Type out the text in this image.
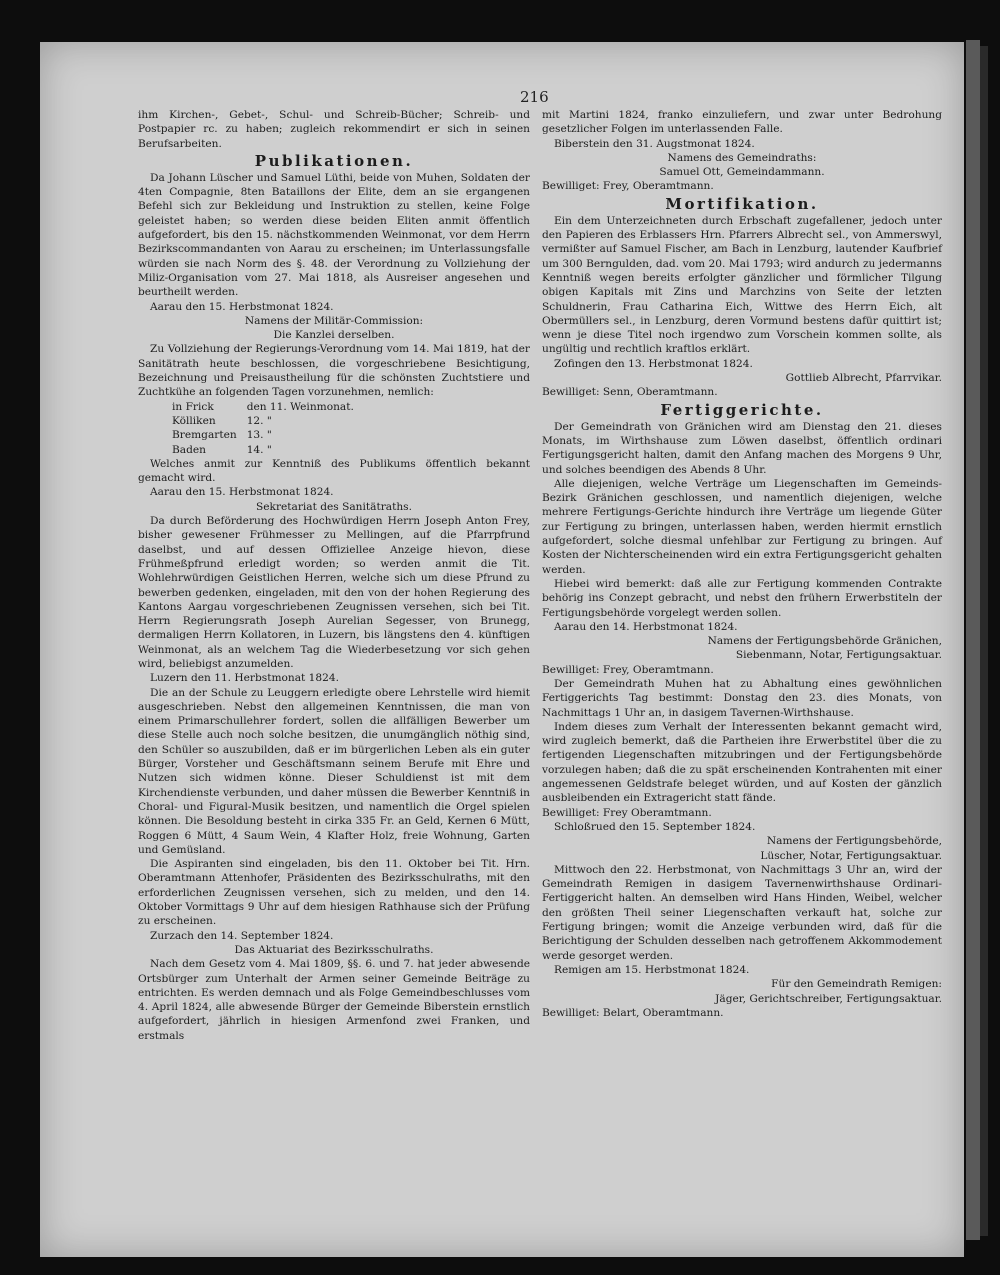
216

ihm Kirchen-, Gebet-, Schul- und Schreib-Bücher; Schreib- und Postpapier rc. zu haben; zugleich rekommendirt er sich in seinen Berufsarbeiten.

Publikationen.

Da Johann Lüscher und Samuel Lüthi, beide von Muhen, Soldaten der 4ten Compagnie, 8ten Bataillons der Elite, dem an sie ergangenen Befehl sich zur Bekleidung und Instruktion zu stellen, keine Folge geleistet haben; so werden diese beiden Eliten anmit öffentlich aufgefordert, bis den 15. nächstkommenden Weinmonat, vor dem Herrn Bezirkscommandanten von Aarau zu erscheinen; im Unterlassungsfalle würden sie nach Norm des §. 48. der Verordnung zu Vollziehung der Miliz-Organisation vom 27. Mai 1818, als Ausreiser angesehen und beurtheilt werden.

Aarau den 15. Herbstmonat 1824.

Namens der Militär-Commission:

Die Kanzlei derselben.

Zu Vollziehung der Regierungs-Verordnung vom 14. Mai 1819, hat der Sanitätrath heute beschlossen, die vorgeschriebene Besichtigung, Bezeichnung und Preisaustheilung für die schönsten Zuchtstiere und Zuchtkühe an folgenden Tagen vorzunehmen, nemlich:

in Frick	den 11. Weinmonat.
Kölliken	12. "
Bremgarten	13. "
Baden	14. "

Welches anmit zur Kenntniß des Publikums öffentlich bekannt gemacht wird.

Aarau den 15. Herbstmonat 1824.

Sekretariat des Sanitätraths.

Da durch Beförderung des Hochwürdigen Herrn Joseph Anton Frey, bisher gewesener Frühmesser zu Mellingen, auf die Pfarrpfrund daselbst, und auf dessen Offiziellee Anzeige hievon, diese Frühmeßpfrund erledigt worden; so werden anmit die Tit. Wohlehrwürdigen Geistlichen Herren, welche sich um diese Pfrund zu bewerben gedenken, eingeladen, mit den von der hohen Regierung des Kantons Aargau vorgeschriebenen Zeugnissen versehen, sich bei Tit. Herrn Regierungsrath Joseph Aurelian Segesser, von Brunegg, dermaligen Herrn Kollatoren, in Luzern, bis längstens den 4. künftigen Weinmonat, als an welchem Tag die Wiederbesetzung vor sich gehen wird, beliebigst anzumelden.

Luzern den 11. Herbstmonat 1824.

Die an der Schule zu Leuggern erledigte obere Lehrstelle wird hiemit ausgeschrieben. Nebst den allgemeinen Kenntnissen, die man von einem Primarschullehrer fordert, sollen die allfälligen Bewerber um diese Stelle auch noch solche besitzen, die unumgänglich nöthig sind, den Schüler so auszubilden, daß er im bürgerlichen Leben als ein guter Bürger, Vorsteher und Geschäftsmann seinem Berufe mit Ehre und Nutzen sich widmen könne. Dieser Schuldienst ist mit dem Kirchendienste verbunden, und daher müssen die Bewerber Kenntniß in Choral- und Figural-Musik besitzen, und namentlich die Orgel spielen können. Die Besoldung besteht in cirka 335 Fr. an Geld, Kernen 6 Mütt, Roggen 6 Mütt, 4 Saum Wein, 4 Klafter Holz, freie Wohnung, Garten und Gemüsland.

Die Aspiranten sind eingeladen, bis den 11. Oktober bei Tit. Hrn. Oberamtmann Attenhofer, Präsidenten des Bezirksschulraths, mit den erforderlichen Zeugnissen versehen, sich zu melden, und den 14. Oktober Vormittags 9 Uhr auf dem hiesigen Rathhause sich der Prüfung zu erscheinen.

Zurzach den 14. September 1824.

Das Aktuariat des Bezirksschulraths.

Nach dem Gesetz vom 4. Mai 1809, §§. 6. und 7. hat jeder abwesende Ortsbürger zum Unterhalt der Armen seiner Gemeinde Beiträge zu entrichten. Es werden demnach und als Folge Gemeindbeschlusses vom 4. April 1824, alle abwesende Bürger der Gemeinde Biberstein ernstlich aufgefordert, jährlich in hiesigen Armenfond zwei Franken, und erstmals

mit Martini 1824, franko einzuliefern, und zwar unter Bedrohung gesetzlicher Folgen im unterlassenden Falle.

Biberstein den 31. Augstmonat 1824.

Namens des Gemeindraths:

Samuel Ott, Gemeindammann.

Bewilliget: Frey, Oberamtmann.

Mortifikation.

Ein dem Unterzeichneten durch Erbschaft zugefallener, jedoch unter den Papieren des Erblassers Hrn. Pfarrers Albrecht sel., von Ammerswyl, vermißter auf Samuel Fischer, am Bach in Lenzburg, lautender Kaufbrief um 300 Berngulden, dad. vom 20. Mai 1793; wird andurch zu jedermanns Kenntniß wegen bereits erfolgter gänzlicher und förmlicher Tilgung obigen Kapitals mit Zins und Marchzins von Seite der letzten Schuldnerin, Frau Catharina Eich, Wittwe des Herrn Eich, alt Obermüllers sel., in Lenzburg, deren Vormund bestens dafür quittirt ist; wenn je diese Titel noch irgendwo zum Vorschein kommen sollte, als ungültig und rechtlich kraftlos erklärt.

Zofingen den 13. Herbstmonat 1824.

Gottlieb Albrecht, Pfarrvikar.

Bewilliget: Senn, Oberamtmann.

Fertiggerichte.

Der Gemeindrath von Gränichen wird am Dienstag den 21. dieses Monats, im Wirthshause zum Löwen daselbst, öffentlich ordinari Fertigungsgericht halten, damit den Anfang machen des Morgens 9 Uhr, und solches beendigen des Abends 8 Uhr.

Alle diejenigen, welche Verträge um Liegenschaften im Gemeinds-Bezirk Gränichen geschlossen, und namentlich diejenigen, welche mehrere Fertigungs-Gerichte hindurch ihre Verträge um liegende Güter zur Fertigung zu bringen, unterlassen haben, werden hiermit ernstlich aufgefordert, solche diesmal unfehlbar zur Fertigung zu bringen. Auf Kosten der Nichterscheinenden wird ein extra Fertigungsgericht gehalten werden.

Hiebei wird bemerkt: daß alle zur Fertigung kommenden Contrakte behörig ins Conzept gebracht, und nebst den frühern Erwerbstiteln der Fertigungsbehörde vorgelegt werden sollen.

Aarau den 14. Herbstmonat 1824.

Namens der Fertigungsbehörde Gränichen,

Siebenmann, Notar, Fertigungsaktuar.

Bewilliget: Frey, Oberamtmann.

Der Gemeindrath Muhen hat zu Abhaltung eines gewöhnlichen Fertiggerichts Tag bestimmt: Donstag den 23. dies Monats, von Nachmittags 1 Uhr an, in dasigem Tavernen-Wirthshause.

Indem dieses zum Verhalt der Interessenten bekannt gemacht wird, wird zugleich bemerkt, daß die Partheien ihre Erwerbstitel über die zu fertigenden Liegenschaften mitzubringen und der Fertigungsbehörde vorzulegen haben; daß die zu spät erscheinenden Kontrahenten mit einer angemessenen Geldstrafe beleget würden, und auf Kosten der gänzlich ausbleibenden ein Extragericht statt fände.

Bewilliget: Frey Oberamtmann.

Schloßrued den 15. September 1824.

Namens der Fertigungsbehörde,

Lüscher, Notar, Fertigungsaktuar.

Mittwoch den 22. Herbstmonat, von Nachmittags 3 Uhr an, wird der Gemeindrath Remigen in dasigem Tavernenwirthshause Ordinari-Fertiggericht halten. An demselben wird Hans Hinden, Weibel, welcher den größten Theil seiner Liegenschaften verkauft hat, solche zur Fertigung bringen; womit die Anzeige verbunden wird, daß für die Berichtigung der Schulden desselben nach getroffenem Akkommodement werde gesorget werden.

Remigen am 15. Herbstmonat 1824.

Für den Gemeindrath Remigen:

Jäger, Gerichtschreiber, Fertigungsaktuar.

Bewilliget: Belart, Oberamtmann.
